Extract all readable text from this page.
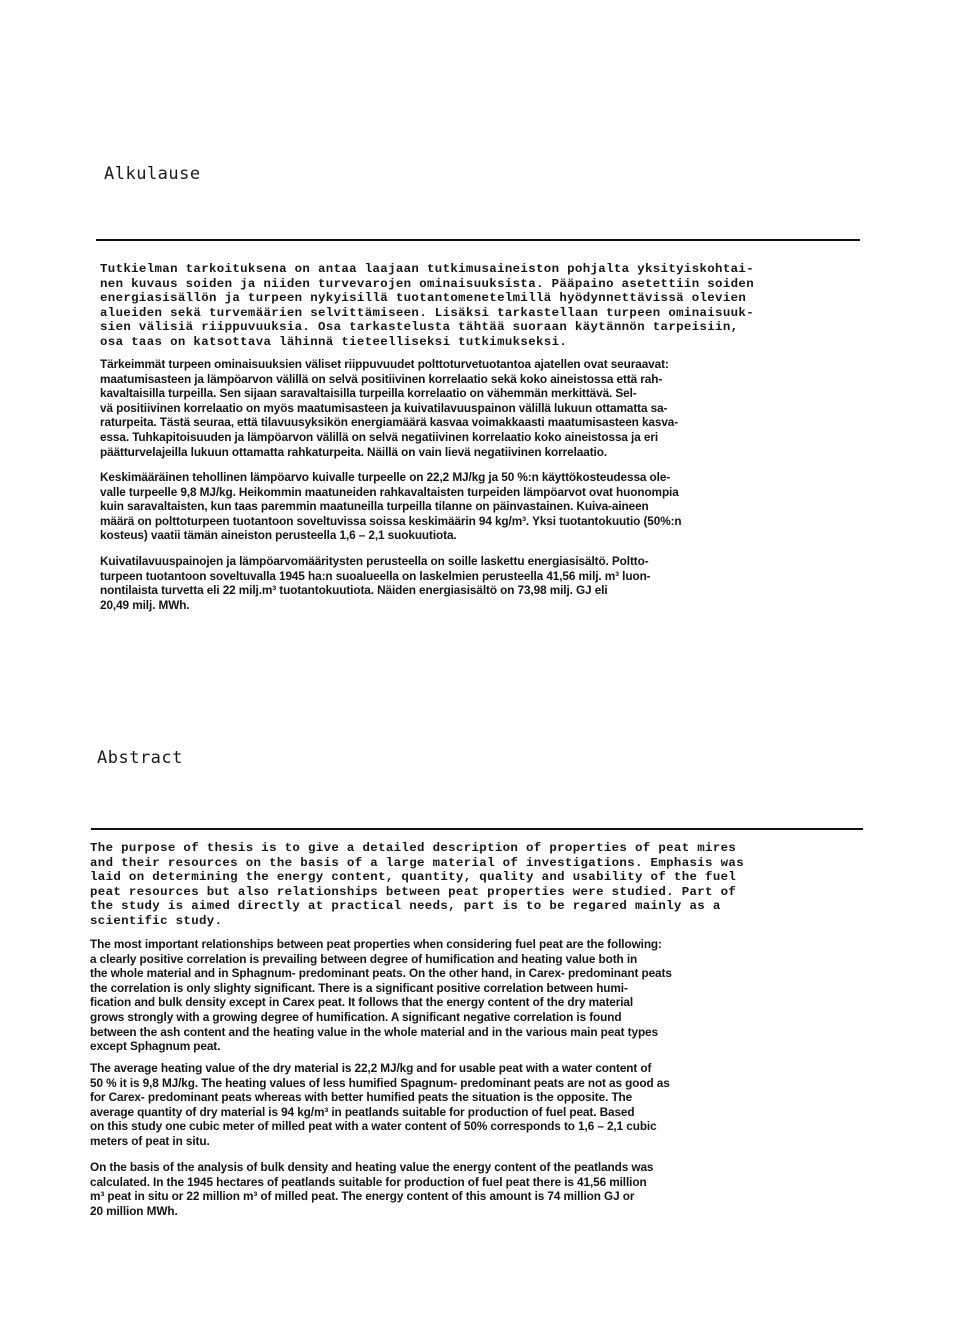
Alkulause
Tutkielman tarkoituksena on antaa laajaan tutkimusaineiston pohjalta yksityiskohtai-
nen kuvaus soiden ja niiden turvevarojen ominaisuuksista. Pääpaino asetettiin soiden
energiasisällön ja turpeen nykyisillä tuotantomenetelmillä hyödynnettävissä olevien
alueiden sekä turvemäärien selvittämiseen. Lisäksi tarkastellaan turpeen ominaisuuk-
sien välisiä riippuvuuksia. Osa tarkastelusta tähtää suoraan käytännön tarpeisiin,
osa taas on katsottava lähinnä tieteelliseksi tutkimukseksi.
Tärkeimmät turpeen ominaisuuksien väliset riippuvuudet polttoturvetuotantoa ajatellen ovat seuraavat:
maatumisasteen ja lämpöarvon välillä on selvä positiivinen korrelaatio sekä koko aineistossa että rah-
kavaltaisilla turpeilla. Sen sijaan saravaltaisilla turpeilla korrelaatio on vähemmän merkittävä. Sel-
vä positiivinen korrelaatio on myös maatumisasteen ja kuivatilavuuspainon välillä lukuun ottamatta sa-
raturpeita. Tästä seuraa, että tilavuusyksikön energiamäärä kasvaa voimakkaasti maatumisasteen kasva-
essa. Tuhkapitoisuuden ja lämpöarvon välillä on selvä negatiivinen korrelaatio koko aineistossa ja eri
päätturvelajeilla lukuun ottamatta rahkaturpeita. Näillä on vain lievä negatiivinen korrelaatio.
Keskimääräinen tehollinen lämpöarvo kuivalle turpeelle on 22,2 MJ/kg ja 50 %:n käyttökosteudessa ole-
valle turpeelle 9,8 MJ/kg. Heikommin maatuneiden rahkavaltaisten turpeiden lämpöarvot ovat huonompia
kuin saravaltaisten, kun taas paremmin maatuneilla turpeilla tilanne on päinvastainen. Kuiva-aineen
määrä on polttoturpeen tuotantoon soveltuvissa soissa keskimäärin 94 kg/m³. Yksi tuotantokuutio (50%:n
kosteus) vaatii tämän aineiston perusteella 1,6 – 2,1 suokuutiota.
Kuivatilavuuspainojen ja lämpöarvomääritysten perusteella on soille laskettu energiasisältö. Poltto-
turpeen tuotantoon soveltuvalla 1945 ha:n suoalueella on laskelmien perusteella 41,56 milj. m³ luon-
nontilaista turvetta eli 22 milj.m³ tuotantokuutiota. Näiden energiasisältö on 73,98 milj. GJ eli
20,49 milj. MWh.
Abstract
The purpose of thesis is to give a detailed description of properties of peat mires
and their resources on the basis of a large material of investigations. Emphasis was
laid on determining the energy content, quantity, quality and usability of the fuel
peat resources but also relationships between peat properties were studied. Part of
the study is aimed directly at practical needs, part is to be regared mainly as a
scientific study.
The most important relationships between peat properties when considering fuel peat are the following:
a clearly positive correlation is prevailing between degree of humification and heating value both in
the whole material and in Sphagnum- predominant peats. On the other hand, in Carex- predominant peats
the correlation is only slighty significant. There is a significant positive correlation between humi-
fication and bulk density except in Carex peat. It follows that the energy content of the dry material
grows strongly with a growing degree of humification. A significant negative correlation is found
between the ash content and the heating value in the whole material and in the various main peat types
except Sphagnum peat.
The average heating value of the dry material is 22,2 MJ/kg and for usable peat with a water content of
50 % it is 9,8 MJ/kg. The heating values of less humified Spagnum- predominant peats are not as good as
for Carex- predominant peats whereas with better humified peats the situation is the opposite. The
average quantity of dry material is 94 kg/m³ in peatlands suitable for production of fuel peat. Based
on this study one cubic meter of milled peat with a water content of 50% corresponds to 1,6 – 2,1 cubic
meters of peat in situ.
On the basis of the analysis of bulk density and heating value the energy content of the peatlands was
calculated. In the 1945 hectares of peatlands suitable for production of fuel peat there is 41,56 million
m³ peat in situ or 22 million m³ of milled peat. The energy content of this amount is 74 million GJ or
20 million MWh.
